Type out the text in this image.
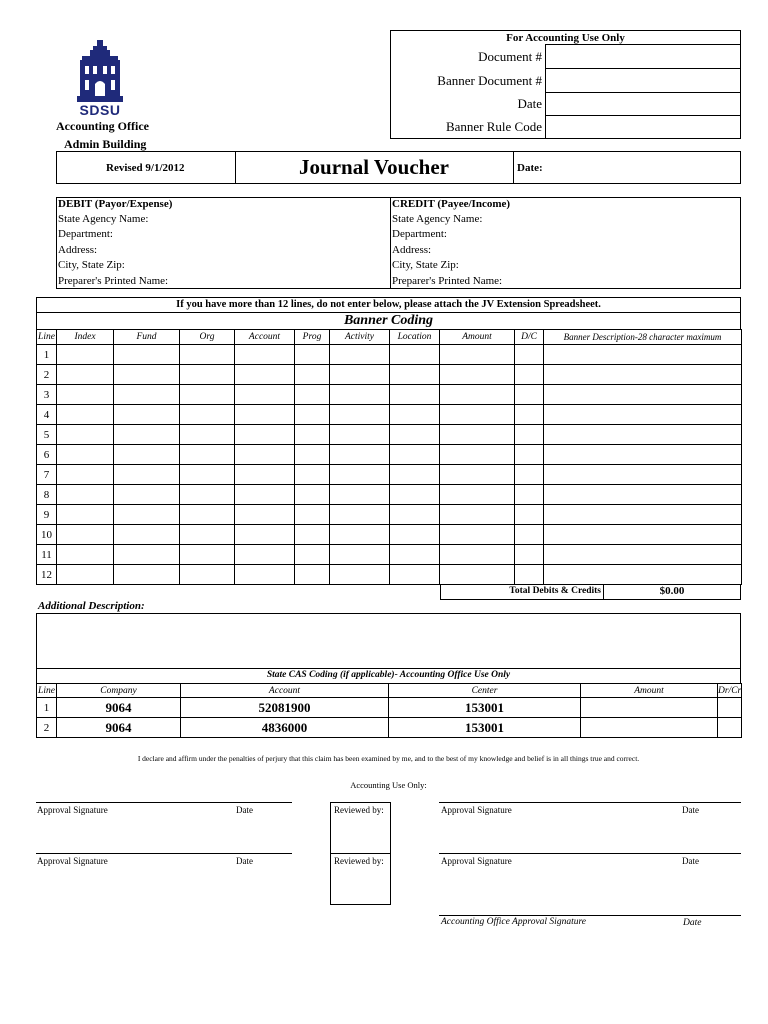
SDSU
Accounting Office
Admin Building
For Accounting Use Only
Document #
Banner Document #
Date
Banner Rule Code
Revised 9/1/2012	Journal Voucher	Date:
DEBIT (Payor/Expense)
State Agency Name:
Department:
Address:
City, State Zip:
Preparer's Printed Name:
CREDIT (Payee/Income)
State Agency Name:
Department:
Address:
City, State Zip:
Preparer's Printed Name:
If you have more than 12 lines, do not enter below, please attach the JV Extension Spreadsheet.
Banner Coding
Line	Index	Fund	Org	Account	Prog	Activity	Location	Amount	D/C	Banner Description-28 character maximum
1										
2										
3										
4										
5										
6										
7										
8										
9										
10										
11										
12										
Total Debits & Credits	$0.00
Additional Description:
State CAS Coding (if applicable)- Accounting Office Use Only
Line	Company	Account	Center	Amount	Dr/Cr
1	9064	52081900	153001		
2	9064	4836000	153001		
I declare and affirm under the penalties of perjury that this claim has been examined by me, and to the best of my knowledge and belief is in all things true and correct.
Accounting Use Only:
Approval Signature	Date
Approval Signature	Date
Reviewed by:
Reviewed by:
Approval Signature	Date
Approval Signature	Date
Accounting Office Approval Signature	Date
